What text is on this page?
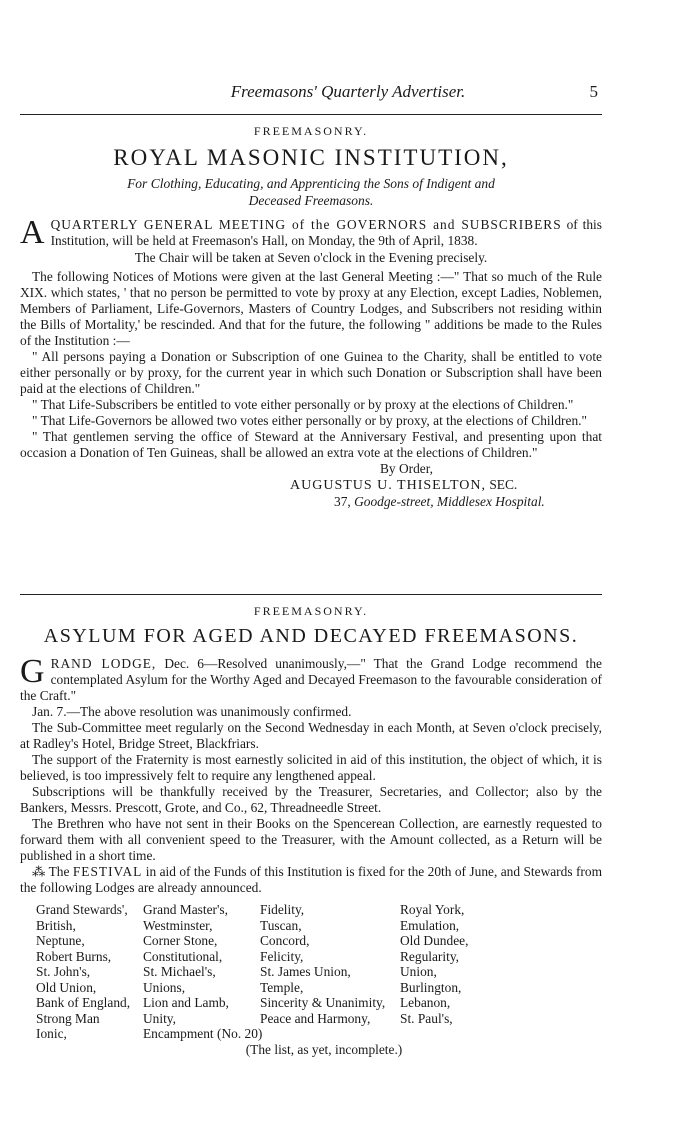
Freemasons' Quarterly Advertiser.	5
FREEMASONRY.
ROYAL MASONIC INSTITUTION,
For Clothing, Educating, and Apprenticing the Sons of Indigent and
Deceased Freemasons.

AQUARTERLY GENERAL MEETING of the GOVERNORS and SUBSCRIBERS of this Institution, will be held at Freemason's Hall, on Monday, the 9th of April, 1838.

The Chair will be taken at Seven o'clock in the Evening precisely.

The following Notices of Motions were given at the last General Meeting :—" That so much of the Rule XIX. which states, ' that no person be permitted to vote by proxy at any Election, except Ladies, Noblemen, Members of Parliament, Life-Governors, Masters of Country Lodges, and Subscribers not residing within the Bills of Mortality,' be rescinded. And that for the future, the following " additions be made to the Rules of the Institution :—

" All persons paying a Donation or Subscription of one Guinea to the Charity, shall be entitled to vote either personally or by proxy, for the current year in which such Donation or Subscription shall have been paid at the elections of Children."

" That Life-Subscribers be entitled to vote either personally or by proxy at the elections of Children."

" That Life-Governors be allowed two votes either personally or by proxy, at the elections of Children."

" That gentlemen serving the office of Steward at the Anniversary Festival, and presenting upon that occasion a Donation of Ten Guineas, shall be allowed an extra vote at the elections of Children."

By Order,
AUGUSTUS U. THISELTON, SEC.
37, Goodge-street, Middlesex Hospital.
FREEMASONRY.
ASYLUM FOR AGED AND DECAYED FREEMASONS.

GRAND LODGE, Dec. 6—Resolved unanimously,—" That the Grand Lodge recommend the contemplated Asylum for the Worthy Aged and Decayed Freemason to the favourable consideration of the Craft."

Jan. 7.—The above resolution was unanimously confirmed.

The Sub-Committee meet regularly on the Second Wednesday in each Month, at Seven o'clock precisely, at Radley's Hotel, Bridge Street, Blackfriars.

The support of the Fraternity is most earnestly solicited in aid of this institution, the object of which, it is believed, is too impressively felt to require any lengthened appeal.

Subscriptions will be thankfully received by the Treasurer, Secretaries, and Collector; also by the Bankers, Messrs. Prescott, Grote, and Co., 62, Threadneedle Street.

The Brethren who have not sent in their Books on the Spencerean Collection, are earnestly requested to forward them with all convenient speed to the Treasurer, with the Amount collected, as a Return will be published in a short time.

⁂ The FESTIVAL in aid of the Funds of this Institution is fixed for the 20th of June, and Stewards from the following Lodges are already announced.

Grand Stewards',
British,
Neptune,
Robert Burns,
St. John's,
Old Union,
Bank of England,
Strong Man
Ionic,
Grand Master's,
Westminster,
Corner Stone,
Constitutional,
St. Michael's,
Unions,
Lion and Lamb,
Unity,
Encampment (No. 20)
Fidelity,
Tuscan,
Concord,
Felicity,
St. James Union,
Temple,
Sincerity & Unanimity,
Peace and Harmony,
Royal York,
Emulation,
Old Dundee,
Regularity,
Union,
Burlington,
Lebanon,
St. Paul's,
(The list, as yet, incomplete.)
